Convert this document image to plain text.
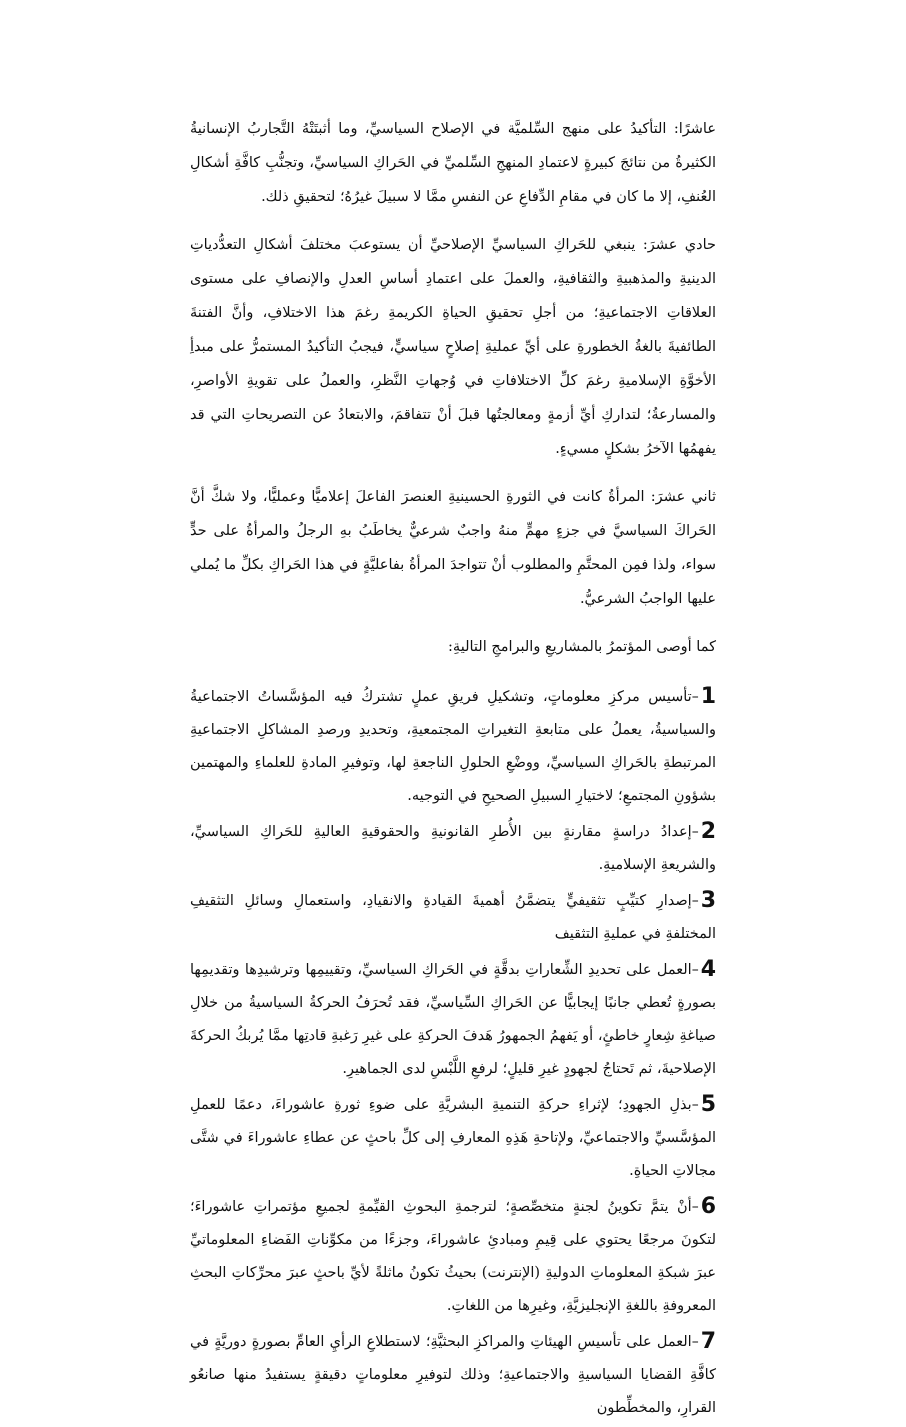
عاشرًا: التأكيدُ على منهج السِّلميَّة في الإصلاح السياسيِّ، وما أثبتَتْهُ التَّجاربُ الإنسانيةُ الكثيرةُ من نتائجَ كبيرةٍ لاعتمادِ المنهجِ السِّلميِّ في الحَراكِ السياسيِّ، وتجنُّبِ كافَّةِ أشكالِ العُنفِ، إلا ما كان في مقامِ الدِّفاعِ عن النفسِ ممَّا لا سبيلَ غيرُهُ؛ لتحقيقِ ذلك.

حادي عشرَ: ينبغي للحَراكِ السياسيِّ الإصلاحيِّ أن يستوعبَ مختلفَ أشكالِ التعدُّدياتِ الدينيةِ والمذهبيةِ والثقافيةِ، والعملَ على اعتمادِ أساسِ العدلِ والإنصافِ على مستوى العلاقاتِ الاجتماعيةِ؛ من أجلِ تحقيقِ الحياةِ الكريمةِ رغمَ هذا الاختلافِ، وأنَّ الفتنةَ الطائفيةَ بالغةُ الخطورةِ على أيِّ عمليةِ إصلاحٍ سياسيٍّ، فيجبُ التأكيدُ المستمرُّ على مبدأِ الأخوَّةِ الإسلاميةِ رغمَ كلِّ الاختلافاتِ في وُجهاتِ النَّظرِ، والعملُ على تقويةِ الأواصرِ، والمسارعةُ؛ لتداركِ أيِّ أزمةٍ ومعالجتُها قبلَ أنْ تتفاقمَ، والابتعادُ عن التصريحاتِ التي قد يفهمُها الآخرُ بشكلٍ مسيءٍ.

ثاني عشرَ: المرأةُ كانت في الثورةِ الحسينيةِ العنصرَ الفاعلَ إعلاميًّا وعمليًّا، ولا شكَّ أنَّ الحَراكَ السياسيَّ في جزءٍ مهمٍّ منهُ واجبٌ شرعيٌّ يخاطَبُ بهِ الرجلُ والمرأةُ على حدٍّ سواء، ولذا فمِن المحتَّمِ والمطلوب أنْ تتواجدَ المرأةُ بفاعليَّةٍ في هذا الحَراكِ بكلِّ ما يُملي عليها الواجبُ الشرعيُّ.

كما أوصى المؤتمرُ بالمشاريعِ والبرامجِ التاليةِ:

1–تأسيس مركزِ معلوماتٍ، وتشكيلِ فريقِ عملٍ تشتركُ فيه المؤسَّساتُ الاجتماعيةُ والسياسيةُ، يعملُ على متابعةِ التغيراتِ المجتمعيةِ، وتحديدِ ورصدِ المشاكلِ الاجتماعيةِ المرتبطةِ بالحَراكِ السياسيِّ، ووضْعِ الحلولِ الناجعةِ لها، وتوفيرِ المادةِ للعلماءِ والمهتمين بشؤونِ المجتمعِ؛ لاختيارِ السبيلِ الصحيحِ في التوجيه.
2–إعدادُ دراسةٍ مقارنةٍ بين الأُطرِ القانونيةِ والحقوقيةِ العاليةِ للحَراكِ السياسيِّ، والشريعةِ الإسلاميةِ.
3–إصدارِ كتيِّبٍ تثقيفيٍّ يتضمَّنُ أهميةَ القيادةِ والانقيادِ، واستعمالِ وسائلِ التثقيفِ المختلفةِ في عمليةِ التثقيف
4–العمل على تحديدِ الشِّعاراتِ بدقَّةٍ في الحَراكِ السياسيِّ، وتقييمِها وترشيدِها وتقديمِها بصورةٍ تُعطي جانبًا إيجابيًّا عن الحَراكِ السِّياسيِّ، فقد تُحرَفُ الحركةُ السياسيةُ من خلالِ صياغةِ شِعارٍ خاطئٍ، أو يَفهمُ الجمهورُ هَدفَ الحركةِ على غيرِ رَغبةِ قادتِها ممَّا يُربكُ الحركةَ الإصلاحيةَ، ثم تَحتاجُ لجهودٍ غيرِ قليلٍ؛ لرفعِ اللَّبْسِ لدى الجماهيرِ.
5–بذلِ الجهودِ؛ لإثراءِ حركةِ التنميةِ البشريَّةِ على ضوءِ ثورةِ عاشوراءَ، دعمًا للعملِ المؤسَّسيِّ والاجتماعيِّ، ولإتاحةِ هَذِهِ المعارفِ إلى كلِّ باحثٍ عن عطاءِ عاشوراءَ في شتَّى مجالاتِ الحياةِ.
6–أنْ يتمَّ تكوينُ لجنةٍ متخصِّصةٍ؛ لترجمةِ البحوثِ القيِّمةِ لجميعِ مؤتمراتِ عاشوراءَ؛ لتكونَ مرجعًا يحتوي على قِيمِ ومبادئِ عاشوراءَ، وجزءًا من مكوِّناتِ الفَضاءِ المعلوماتيِّ عبرَ شبكةِ المعلوماتِ الدوليةِ (الإنترنت) بحيثُ تكونُ ماثلةً لأيِّ باحثٍ عبرَ محرِّكاتِ البحثِ المعروفةِ باللغةِ الإنجليزيَّةِ، وغيرِها من اللغاتِ.
7–العمل على تأسيسِ الهيئاتِ والمراكزِ البحثيَّةِ؛ لاستطلاعِ الرأيِ العامِّ بصورةٍ دوريَّةٍ في كافَّةِ القضايا السياسيةِ والاجتماعيةِ؛ وذلك لتوفيرِ معلوماتٍ دقيقةٍ يستفيدُ منها صانعُو القرارِ، والمخطِّطون
